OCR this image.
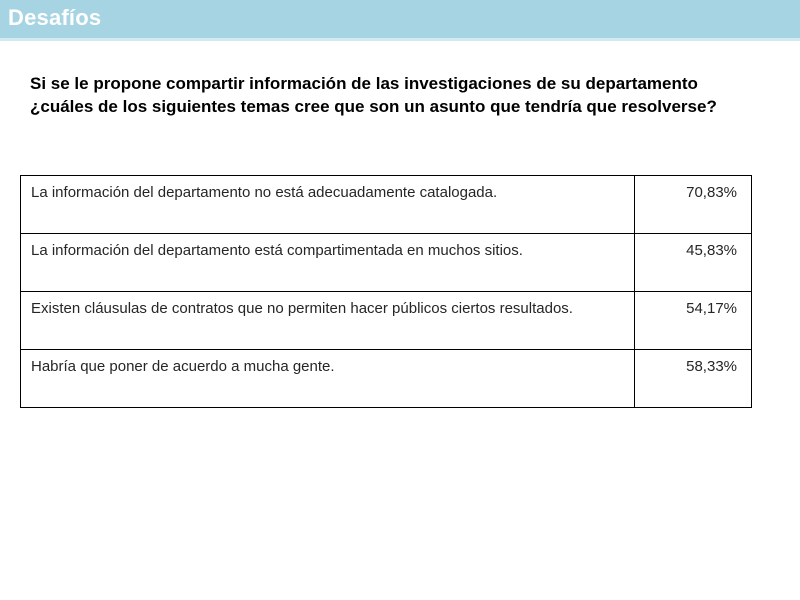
Desafíos
Si se le propone compartir información de las investigaciones de su departamento ¿cuáles de los siguientes temas cree que son un asunto que tendría que resolverse?
La información del departamento no está adecuadamente catalogada.	70,83%
La información del departamento está compartimentada en muchos sitios.	45,83%
Existen cláusulas de contratos que no permiten hacer públicos ciertos resultados.	54,17%
Habría que poner de acuerdo a mucha gente.	58,33%
